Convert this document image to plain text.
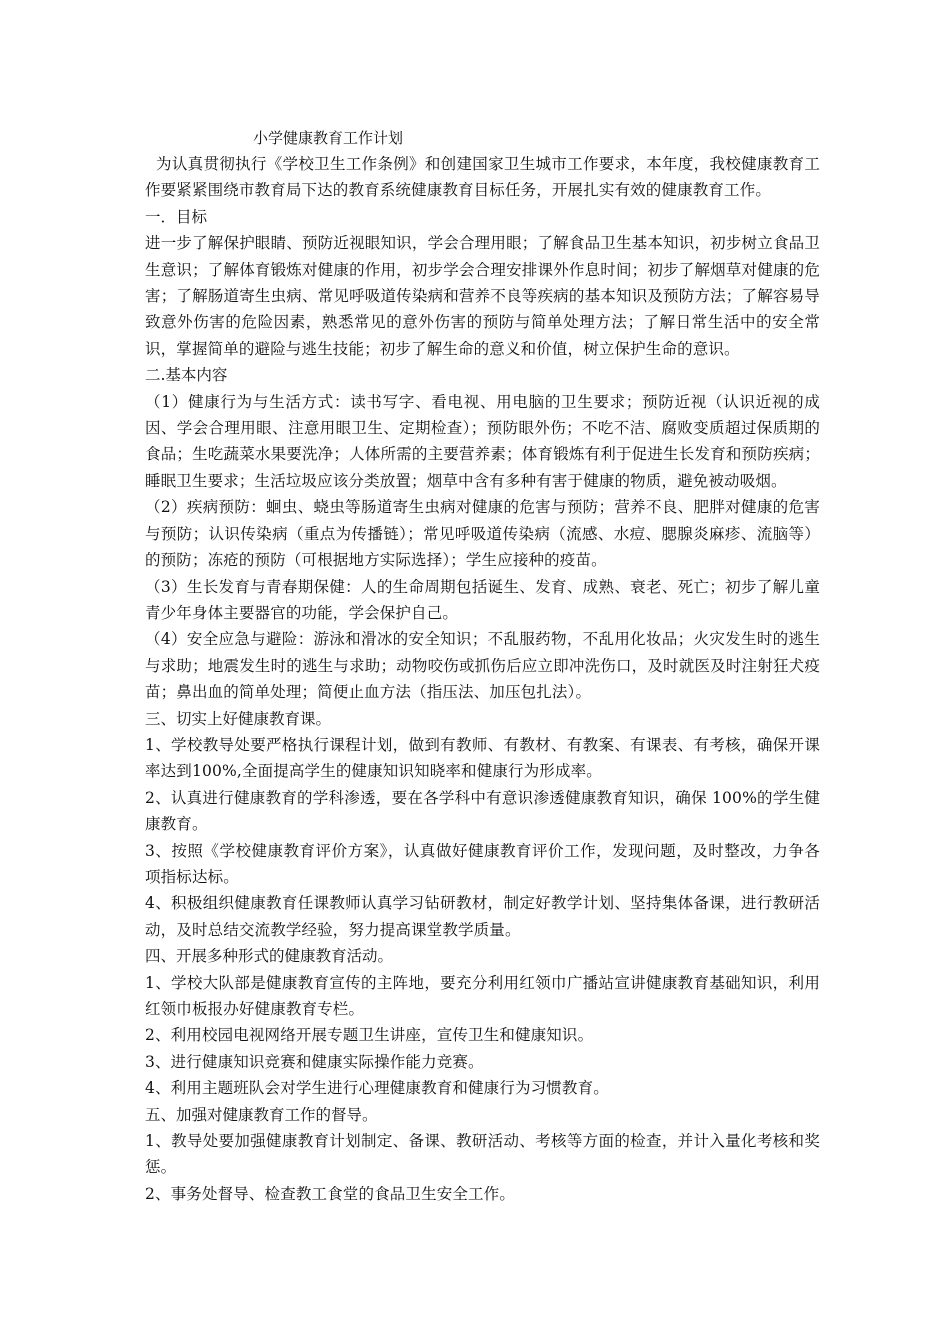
小学健康教育工作计划

为认真贯彻执行《学校卫生工作条例》和创建国家卫生城市工作要求，本年度，我校健康教育工作要紧紧围绕市教育局下达的教育系统健康教育目标任务，开展扎实有效的健康教育工作。

一．目标

进一步了解保护眼睛、预防近视眼知识，学会合理用眼；了解食品卫生基本知识，初步树立食品卫生意识；了解体育锻炼对健康的作用，初步学会合理安排课外作息时间；初步了解烟草对健康的危害；了解肠道寄生虫病、常见呼吸道传染病和营养不良等疾病的基本知识及预防方法；了解容易导致意外伤害的危险因素，熟悉常见的意外伤害的预防与简单处理方法；了解日常生活中的安全常识，掌握简单的避险与逃生技能；初步了解生命的意义和价值，树立保护生命的意识。

二.基本内容

（1）健康行为与生活方式：读书写字、看电视、用电脑的卫生要求；预防近视（认识近视的成因、学会合理用眼、注意用眼卫生、定期检查）；预防眼外伤；不吃不洁、腐败变质超过保质期的食品；生吃蔬菜水果要洗净；人体所需的主要营养素；体育锻炼有利于促进生长发育和预防疾病；睡眠卫生要求；生活垃圾应该分类放置；烟草中含有多种有害于健康的物质，避免被动吸烟。

（2）疾病预防：蛔虫、蛲虫等肠道寄生虫病对健康的危害与预防；营养不良、肥胖对健康的危害与预防；认识传染病（重点为传播链）；常见呼吸道传染病（流感、水痘、腮腺炎麻疹、流脑等）的预防；冻疮的预防（可根据地方实际选择）；学生应接种的疫苗。

（3）生长发育与青春期保健：人的生命周期包括诞生、发育、成熟、衰老、死亡；初步了解儿童青少年身体主要器官的功能，学会保护自己。

（4）安全应急与避险：游泳和滑冰的安全知识；不乱服药物，不乱用化妆品；火灾发生时的逃生与求助；地震发生时的逃生与求助；动物咬伤或抓伤后应立即冲洗伤口，及时就医及时注射狂犬疫苗；鼻出血的简单处理；简便止血方法（指压法、加压包扎法）。

三、切实上好健康教育课。

1、学校教导处要严格执行课程计划，做到有教师、有教材、有教案、有课表、有考核，确保开课率达到100%,全面提高学生的健康知识知晓率和健康行为形成率。

2、认真进行健康教育的学科渗透，要在各学科中有意识渗透健康教育知识，确保 100%的学生健康教育。

3、按照《学校健康教育评价方案》，认真做好健康教育评价工作，发现问题，及时整改，力争各项指标达标。

4、积极组织健康教育任课教师认真学习钻研教材，制定好教学计划、坚持集体备课，进行教研活动，及时总结交流教学经验，努力提高课堂教学质量。

四、开展多种形式的健康教育活动。

1、学校大队部是健康教育宣传的主阵地，要充分利用红领巾广播站宣讲健康教育基础知识，利用红领巾板报办好健康教育专栏。

2、利用校园电视网络开展专题卫生讲座，宣传卫生和健康知识。

3、进行健康知识竞赛和健康实际操作能力竞赛。

4、利用主题班队会对学生进行心理健康教育和健康行为习惯教育。

五、加强对健康教育工作的督导。

1、教导处要加强健康教育计划制定、备课、教研活动、考核等方面的检查，并计入量化考核和奖惩。

2、事务处督导、检查教工食堂的食品卫生安全工作。
